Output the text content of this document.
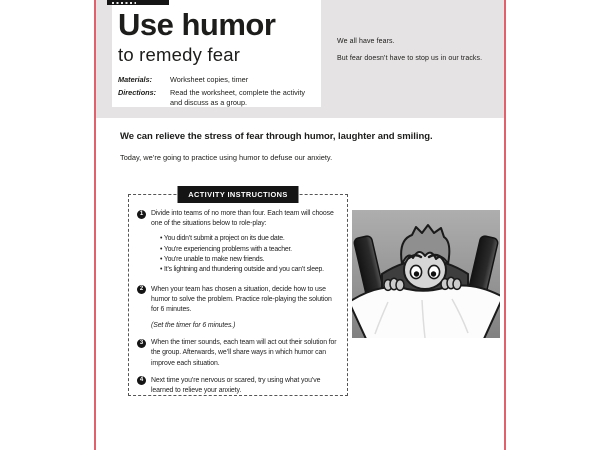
Use humor
to remedy fear
Materials:	Worksheet copies, timer
Directions:	Read the worksheet, complete the activity and discuss as a group.

We all have fears.

But fear doesn’t have to stop us in our tracks.

We can relieve the stress of fear through humor, laughter and smiling.

Today, we’re going to practice using humor to defuse our anxiety.

ACTIVITY INSTRUCTIONS
1	Divide into teams of no more than four. Each team will choose one of the situations below to role-play:
• You didn’t submit a project on its due date.
• You’re experiencing problems with a teacher.
• You’re unable to make new friends.
• It’s lightning and thundering outside and you can’t sleep.
2	When your team has chosen a situation, decide how to use humor to solve the problem. Practice role-playing the solution for 6 minutes.
(Set the timer for 6 minutes.)
3	When the timer sounds, each team will act out their solution for the group. Afterwards, we’ll share ways in which humor can improve each situation.
4	Next time you’re nervous or scared, try using what you’ve learned to relieve your anxiety.
